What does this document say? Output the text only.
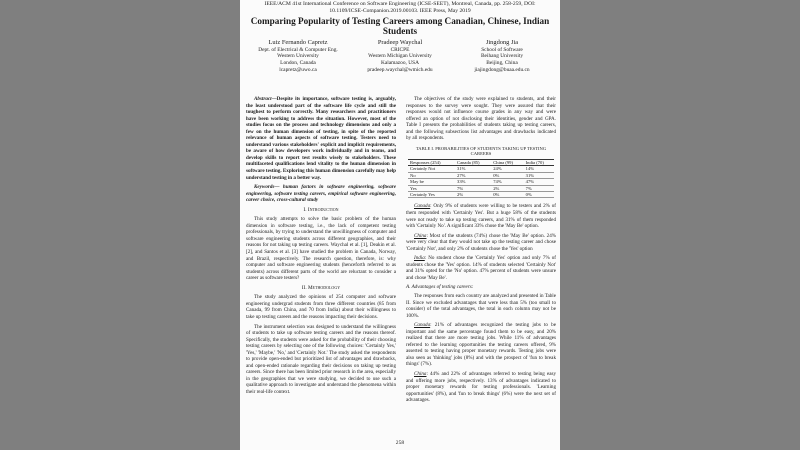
IEEE/ACM 41st International Conference on Software Engineering (ICSE-SEET), Montreal, Canada, pp. 258-259, DOI:
10.1109/ICSE-Companion.2019.00103. IEEE Press, May 2019
Comparing Popularity of Testing Careers among Canadian, Chinese, Indian Students
Luiz Fernando Capretz
Dept. of Electrical & Computer Eng.
Western University
London, Canada
lcapretz@uwo.ca
Pradeep Waychal
CRICPE
Western Michigan University
Kalamazoo, USA
pradeep.waychal@wmich.edu
Jingdong Jia
School of Software
Beihang University
Beijing, China
jiajingdong@buaa.edu.cn

Abstract—Despite its importance, software testing is, arguably, the least understood part of the software life cycle and still the toughest to perform correctly. Many researchers and practitioners have been working to address the situation. However, most of the studies focus on the process and technology dimensions and only a few on the human dimension of testing, in spite of the reported relevance of human aspects of software testing. Testers need to understand various stakeholders' explicit and implicit requirements, be aware of how developers work individually and in teams, and develop skills to report test results wisely to stakeholders. These multifaceted qualifications lend vitality to the human dimension in software testing. Exploring this human dimension carefully may help understand testing in a better way.

Keywords— human factors in software engineering, software engineering, software testing careers, empirical software engineering, career choice, cross-cultural study

I. Introduction

This study attempts to solve the basic problem of the human dimension in software testing, i.e., the lack of competent testing professionals, by trying to understand the unwillingness of computer and software engineering students across different geographies, and their reasons for not taking up testing careers. Waychal et al. [1], Deakin et al. [2], and Santos et al. [3] have studied the problem in Canada, Norway, and Brazil, respectively. The research question, therefore, is: why computer and software engineering students (henceforth referred to as students) across different parts of the world are reluctant to consider a career as software testers?

II. Methodology

The study analyzed the opinions of 254 computer and software engineering undergrad students from three different countries (85 from Canada, 99 from China, and 70 from India) about their willingness to take up testing careers and the reasons impacting their decisions.

The instrument selection was designed to understand the willingness of students to take up software testing careers and the reasons thereof. Specifically, the students were asked for the probability of their choosing testing careers by selecting one of the following choices: 'Certainly Yes,' 'Yes,' 'Maybe,' 'No,' and 'Certainly Not.' The study asked the respondents to provide open-ended but prioritized list of advantages and drawbacks, and open-ended rationale regarding their decisions on taking up testing careers. Since there has been limited prior research in the area, especially in the geographies that we were studying, we decided to use such a qualitative approach to investigate and understand the phenomena within their real-life context.

The objectives of the study were explained to students, and their responses to the survey were sought. They were assured that their responses would not influence course grades in any way and were offered an option of not disclosing their identities, gender and GPA. Table I presents the probabilities of students taking up testing careers, and the following subsections list advantages and drawbacks indicated by all respondents.

TABLE I. PROBABILITIES OF STUDENTS TAKING UP TESTING CAREERS
Responses (254)	Canada (85)	China (99)	India (70)
Certainly Not	31%	24%	14%
No	27%	0%	31%
May be	33%	74%	47%
Yes	7%	2%	7%
Certainly Yes	2%	0%	0%

Canada: Only 9% of students were willing to be testers and 2% of them responded with 'Certainly Yes'. But a huge 58% of the students were not ready to take up testing careers, and 31% of them responded with 'Certainly No'. A significant 33% chose the 'May Be' option.

China: Most of the students (74%) chose the 'May Be' option. 24% were very clear that they would not take up the testing career and chose 'Certainly Not', and only 2% of students chose the 'Yes' option

India: No student chose the 'Certainly Yes' option and only 7% of students chose the 'Yes' option. 14% of students selected 'Certainly Not' and 31% opted for the 'No' option. 47% percent of students were unsure and chose 'May Be'.

A. Advantages of testing careers:

The responses from each country are analyzed and presented in Table II. Since we excluded advantages that were less than 5% (too small to consider) of the total advantages, the total in each column may not be 100%.

Canada: 21% of advantages recognized the testing jobs to be important and the same percentage found them to be easy, and 20% realized that there are more testing jobs. While 11% of advantages referred to the learning opportunities the testing careers offered, 9% asserted to testing having proper monetary rewards. Testing jobs were also seen as 'thinking' jobs (8%) and with the prospect of 'fun to break things' (7%).

China: 44% and 22% of advantages referred to testing being easy and offering more jobs, respectively. 13% of advantages indicated to proper monetary rewards for testing professionals. 'Learning opportunities' (8%), and 'fun to break things' (6%) were the next set of advantages.

258
